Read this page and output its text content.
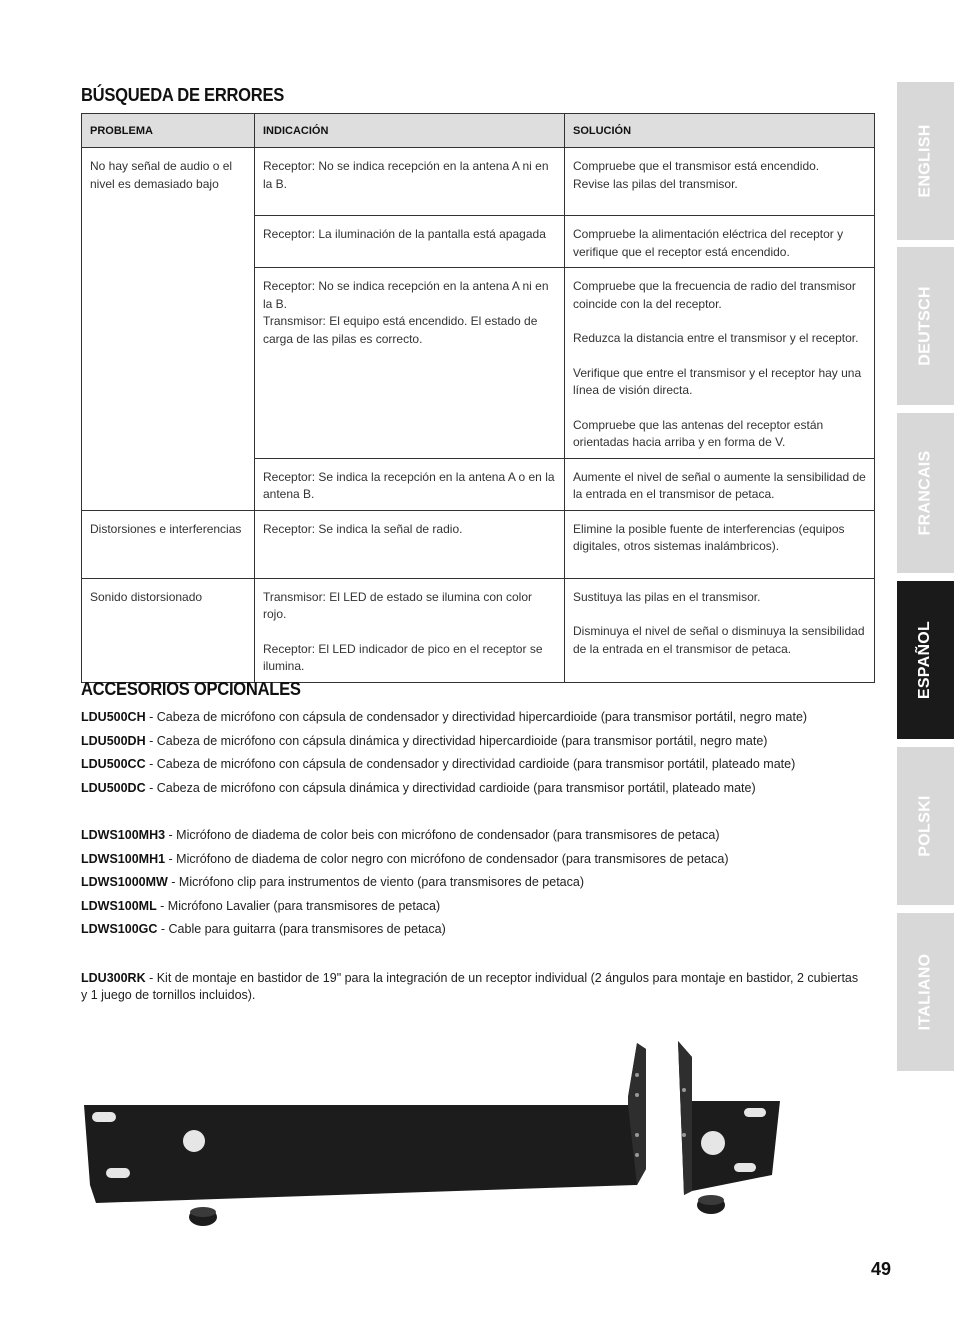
BÚSQUEDA DE ERRORES
PROBLEMA	INDICACIÓN	SOLUCIÓN
No hay señal de audio o el nivel es demasiado bajo	Receptor: No se indica recepción en la antena A ni en la B.	Compruebe que el transmisor está encendido.
Revise las pilas del transmisor.

	Receptor: La iluminación de la pantalla está apagada	Compruebe la alimentación eléctrica del receptor y verifique que el receptor está encendido.

	Receptor: No se indica recepción en la antena A ni en la B.
Transmisor: El equipo está encendido. El estado de carga de las pilas es correcto.	Compruebe que la frecuencia de radio del transmisor coincide con la del receptor.
Reduzca la distancia entre el transmisor y el receptor.
Verifique que entre el transmisor y el receptor hay una línea de visión directa.
Compruebe que las antenas del receptor están orientadas hacia arriba y en forma de V.

	Receptor: Se indica la recepción en la antena A o en la antena B.	Aumente el nivel de señal o aumente la sensibilidad de la entrada en el transmisor de petaca.

Distorsiones e interferencias	Receptor: Se indica la señal de radio.	Elimine la posible fuente de interferencias (equipos digitales, otros sistemas inalámbricos).

Sonido distorsionado	Transmisor: El LED de estado se ilumina con color rojo.
Receptor: El LED indicador de pico en el receptor se ilumina.	Sustituya las pilas en el transmisor.
Disminuya el nivel de señal o disminuya la sensibilidad de la entrada en el transmisor de petaca.
ACCESORIOS OPCIONALES
LDU500CH - Cabeza de micrófono con cápsula de condensador y directividad hipercardioide (para transmisor portátil, negro mate)
LDU500DH - Cabeza de micrófono con cápsula dinámica y directividad hipercardioide (para transmisor portátil, negro mate)
LDU500CC - Cabeza de micrófono con cápsula de condensador y directividad cardioide (para transmisor portátil, plateado mate)
LDU500DC - Cabeza de micrófono con cápsula dinámica y directividad cardioide (para transmisor portátil, plateado mate)
LDWS100MH3 - Micrófono de diadema de color beis con micrófono de condensador (para transmisores de petaca)
LDWS100MH1 - Micrófono de diadema de color negro con micrófono de condensador (para transmisores de petaca)
LDWS1000MW - Micrófono clip para instrumentos de viento (para transmisores de petaca)
LDWS100ML - Micrófono Lavalier (para transmisores de petaca)
LDWS100GC - Cable para guitarra (para transmisores de petaca)
LDU300RK - Kit de montaje en bastidor de 19" para la integración de un receptor individual (2 ángulos para montaje en bastidor, 2 cubiertas y 1 juego de tornillos incluidos).
ENGLISH
DEUTSCH
FRANCAIS
ESPAÑOL
POLSKI
ITALIANO
49
